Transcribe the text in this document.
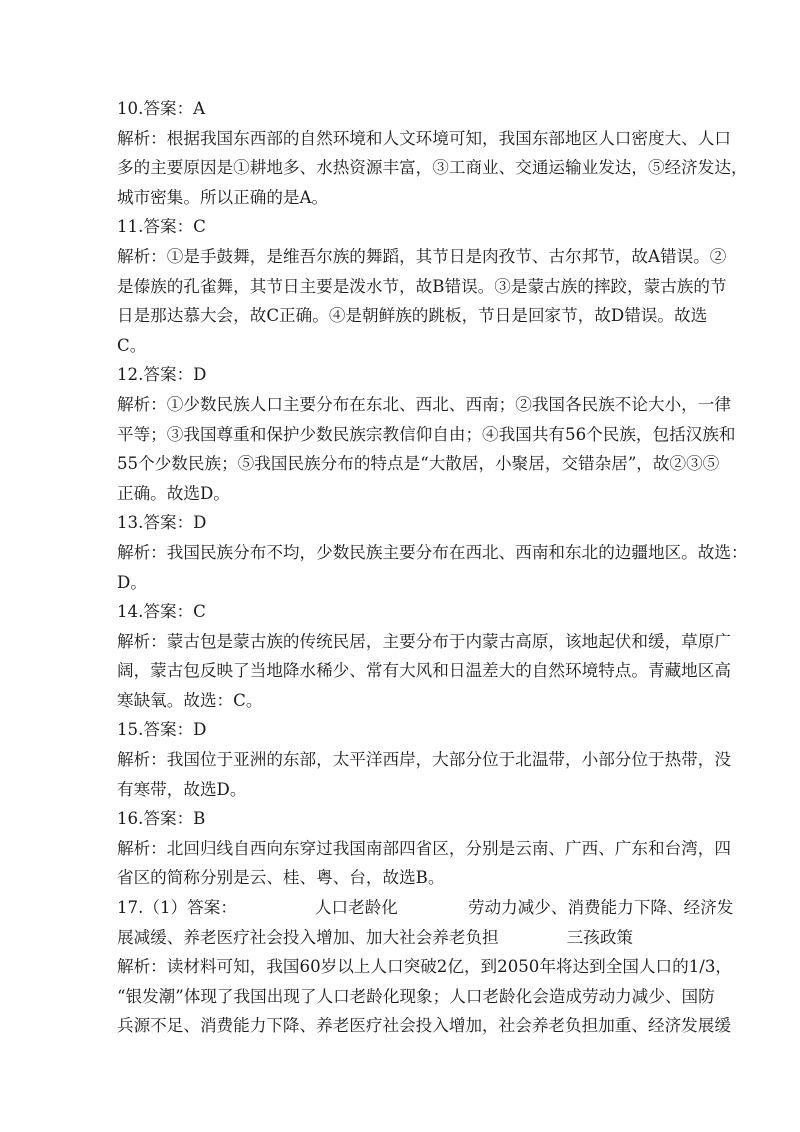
10.答案：A
解析：根据我国东西部的自然环境和人文环境可知，我国东部地区人口密度大、人口
多的主要原因是①耕地多、水热资源丰富，③工商业、交通运输业发达，⑤经济发达，
城市密集。所以正确的是A。
11.答案：C
解析：①是手鼓舞，是维吾尔族的舞蹈，其节日是肉孜节、古尔邦节，故A错误。②
是傣族的孔雀舞，其节日主要是泼水节，故B错误。③是蒙古族的摔跤，蒙古族的节
日是那达慕大会，故C正确。④是朝鲜族的跳板，节日是回家节，故D错误。故选
C。
12.答案：D
解析：①少数民族人口主要分布在东北、西北、西南；②我国各民族不论大小，一律
平等；③我国尊重和保护少数民族宗教信仰自由；④我国共有56个民族，包括汉族和
55个少数民族；⑤我国民族分布的特点是“大散居，小聚居，交错杂居”，故②③⑤
正确。故选D。
13.答案：D
解析：我国民族分布不均，少数民族主要分布在西北、西南和东北的边疆地区。故选：
D。
14.答案：C
解析：蒙古包是蒙古族的传统民居，主要分布于内蒙古高原，该地起伏和缓，草原广
阔，蒙古包反映了当地降水稀少、常有大风和日温差大的自然环境特点。青藏地区高
寒缺氧。故选：C。
15.答案：D
解析：我国位于亚洲的东部，太平洋西岸，大部分位于北温带，小部分位于热带，没
有寒带，故选D。
16.答案：B
解析：北回归线自西向东穿过我国南部四省区，分别是云南、广西、广东和台湾，四
省区的简称分别是云、桂、粤、台，故选B。
17.（1）答案：	人口老龄化	劳动力减少、消费能力下降、经济发
展减缓、养老医疗社会投入增加、加大社会养老负担	三孩政策
解析：读材料可知，我国60岁以上人口突破2亿，到2050年将达到全国人口的1/3，
“银发潮”体现了我国出现了人口老龄化现象；人口老龄化会造成劳动力减少、国防
兵源不足、消费能力下降、养老医疗社会投入增加，社会养老负担加重、经济发展缓
